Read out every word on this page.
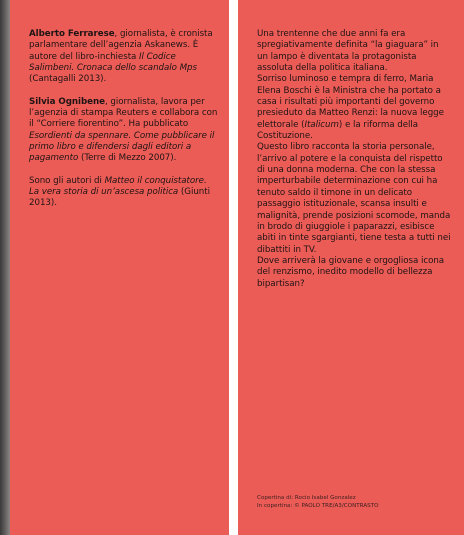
Alberto Ferrarese, giornalista, è cronista parlamentare dell’agenzia Askanews. È autore del libro-inchiesta Il Codice Salimbeni. Cronaca dello scandalo Mps (Cantagalli 2013).

Silvia Ognibene, giornalista, lavora per l’agenzia di stampa Reuters e collabora con il “Corriere fiorentino”. Ha pubblicato Esordienti da spennare. Come pubblicare il primo libro e difendersi dagli editori a pagamento (Terre di Mezzo 2007).

Sono gli autori di Matteo il conquistatore. La vera storia di un’ascesa politica (Giunti 2013).

Una trentenne che due anni fa era spregiativamente definita “la giaguara” in un lampo è diventata la protagonista assoluta della politica italiana.

Sorriso luminoso e tempra di ferro, Maria Elena Boschi è la Ministra che ha portato a casa i risultati più importanti del governo presieduto da Matteo Renzi: la nuova legge elettorale (Italicum) e la riforma della Costituzione.

Questo libro racconta la storia personale, l’arrivo al potere e la conquista del rispetto di una donna moderna. Che con la stessa imperturbabile determinazione con cui ha tenuto saldo il timone in un delicato passaggio istituzionale, scansa insulti e malignità, prende posizioni scomode, manda in brodo di giuggiole i paparazzi, esibisce abiti in tinte sgargianti, tiene testa a tutti nei dibattiti in TV.

Dove arriverà la giovane e orgogliosa icona del renzismo, inedito modello di bellezza bipartisan?

Copertina di: Rocio Isabel Gonzalez
In copertina: © PAOLO TRE/A3/CONTRASTO
